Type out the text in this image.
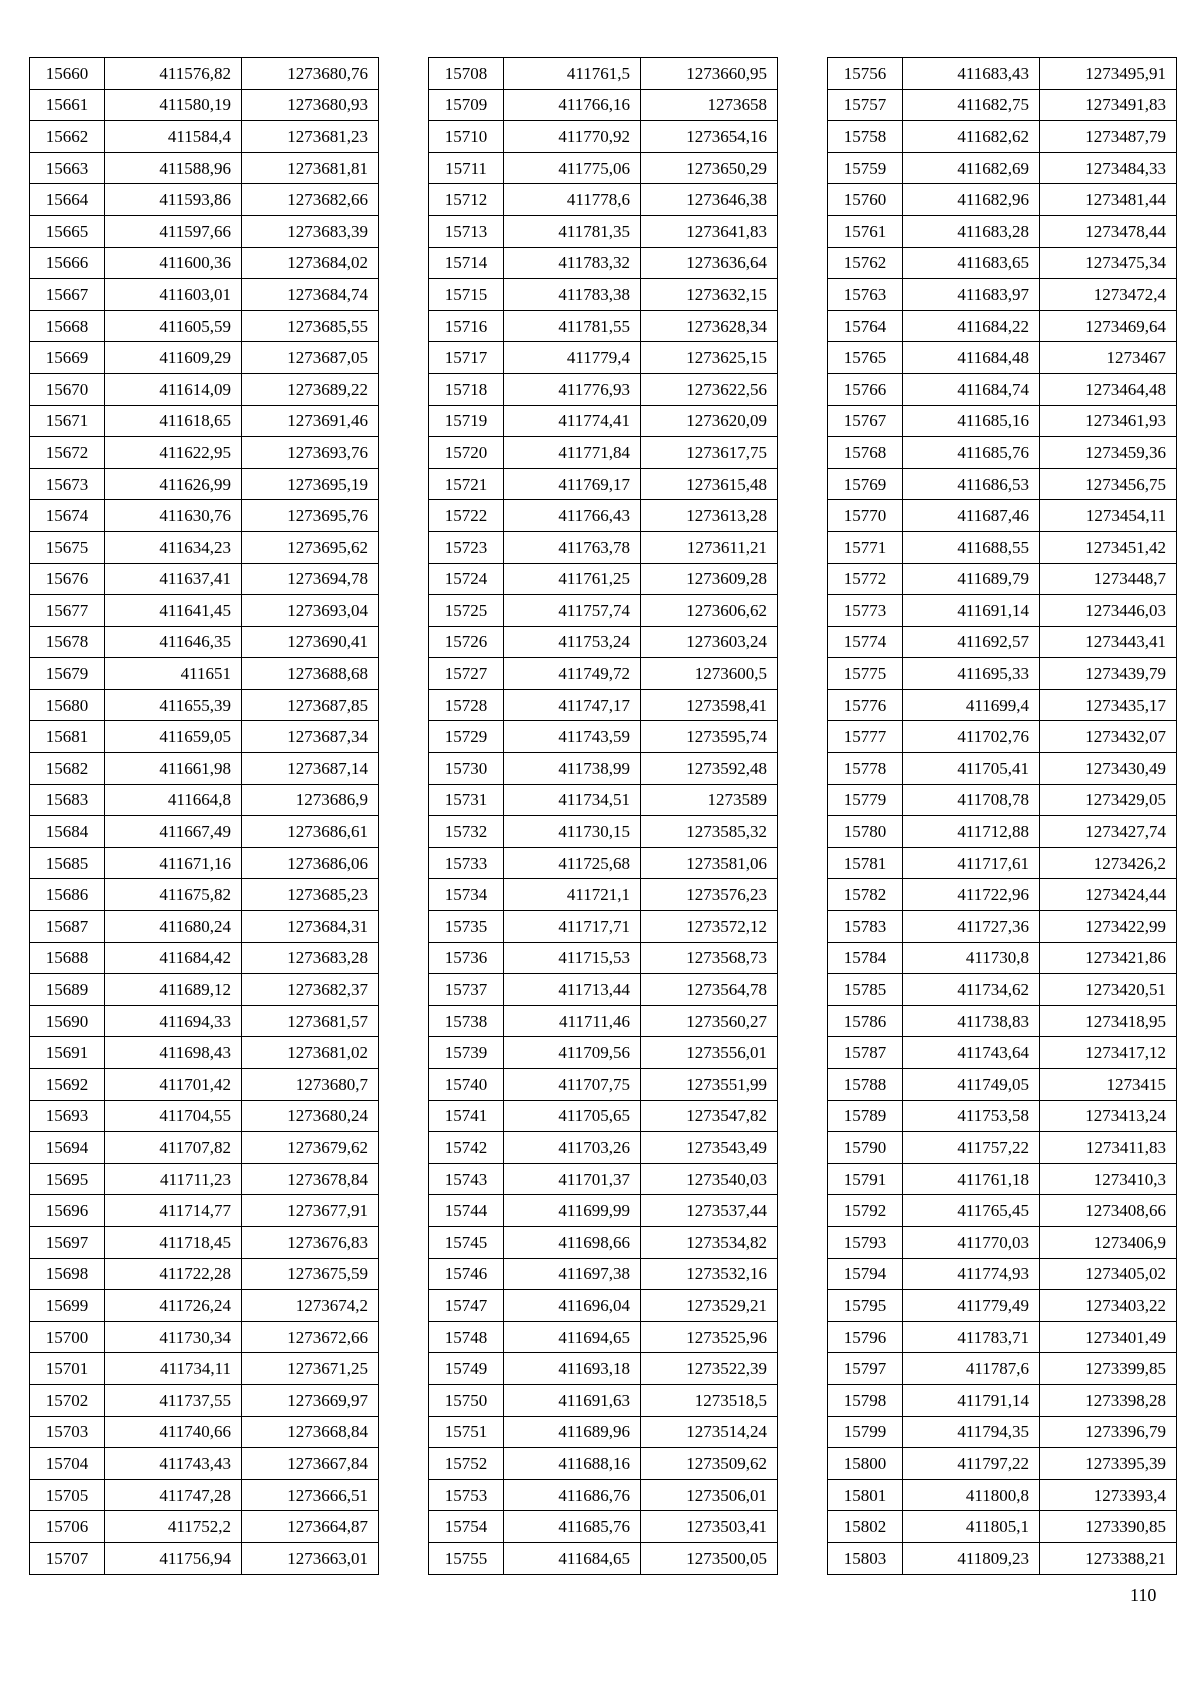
15660	411576,82	1273680,76
15661	411580,19	1273680,93
15662	411584,4	1273681,23
15663	411588,96	1273681,81
15664	411593,86	1273682,66
15665	411597,66	1273683,39
15666	411600,36	1273684,02
15667	411603,01	1273684,74
15668	411605,59	1273685,55
15669	411609,29	1273687,05
15670	411614,09	1273689,22
15671	411618,65	1273691,46
15672	411622,95	1273693,76
15673	411626,99	1273695,19
15674	411630,76	1273695,76
15675	411634,23	1273695,62
15676	411637,41	1273694,78
15677	411641,45	1273693,04
15678	411646,35	1273690,41
15679	411651	1273688,68
15680	411655,39	1273687,85
15681	411659,05	1273687,34
15682	411661,98	1273687,14
15683	411664,8	1273686,9
15684	411667,49	1273686,61
15685	411671,16	1273686,06
15686	411675,82	1273685,23
15687	411680,24	1273684,31
15688	411684,42	1273683,28
15689	411689,12	1273682,37
15690	411694,33	1273681,57
15691	411698,43	1273681,02
15692	411701,42	1273680,7
15693	411704,55	1273680,24
15694	411707,82	1273679,62
15695	411711,23	1273678,84
15696	411714,77	1273677,91
15697	411718,45	1273676,83
15698	411722,28	1273675,59
15699	411726,24	1273674,2
15700	411730,34	1273672,66
15701	411734,11	1273671,25
15702	411737,55	1273669,97
15703	411740,66	1273668,84
15704	411743,43	1273667,84
15705	411747,28	1273666,51
15706	411752,2	1273664,87
15707	411756,94	1273663,01
15708	411761,5	1273660,95
15709	411766,16	1273658
15710	411770,92	1273654,16
15711	411775,06	1273650,29
15712	411778,6	1273646,38
15713	411781,35	1273641,83
15714	411783,32	1273636,64
15715	411783,38	1273632,15
15716	411781,55	1273628,34
15717	411779,4	1273625,15
15718	411776,93	1273622,56
15719	411774,41	1273620,09
15720	411771,84	1273617,75
15721	411769,17	1273615,48
15722	411766,43	1273613,28
15723	411763,78	1273611,21
15724	411761,25	1273609,28
15725	411757,74	1273606,62
15726	411753,24	1273603,24
15727	411749,72	1273600,5
15728	411747,17	1273598,41
15729	411743,59	1273595,74
15730	411738,99	1273592,48
15731	411734,51	1273589
15732	411730,15	1273585,32
15733	411725,68	1273581,06
15734	411721,1	1273576,23
15735	411717,71	1273572,12
15736	411715,53	1273568,73
15737	411713,44	1273564,78
15738	411711,46	1273560,27
15739	411709,56	1273556,01
15740	411707,75	1273551,99
15741	411705,65	1273547,82
15742	411703,26	1273543,49
15743	411701,37	1273540,03
15744	411699,99	1273537,44
15745	411698,66	1273534,82
15746	411697,38	1273532,16
15747	411696,04	1273529,21
15748	411694,65	1273525,96
15749	411693,18	1273522,39
15750	411691,63	1273518,5
15751	411689,96	1273514,24
15752	411688,16	1273509,62
15753	411686,76	1273506,01
15754	411685,76	1273503,41
15755	411684,65	1273500,05
15756	411683,43	1273495,91
15757	411682,75	1273491,83
15758	411682,62	1273487,79
15759	411682,69	1273484,33
15760	411682,96	1273481,44
15761	411683,28	1273478,44
15762	411683,65	1273475,34
15763	411683,97	1273472,4
15764	411684,22	1273469,64
15765	411684,48	1273467
15766	411684,74	1273464,48
15767	411685,16	1273461,93
15768	411685,76	1273459,36
15769	411686,53	1273456,75
15770	411687,46	1273454,11
15771	411688,55	1273451,42
15772	411689,79	1273448,7
15773	411691,14	1273446,03
15774	411692,57	1273443,41
15775	411695,33	1273439,79
15776	411699,4	1273435,17
15777	411702,76	1273432,07
15778	411705,41	1273430,49
15779	411708,78	1273429,05
15780	411712,88	1273427,74
15781	411717,61	1273426,2
15782	411722,96	1273424,44
15783	411727,36	1273422,99
15784	411730,8	1273421,86
15785	411734,62	1273420,51
15786	411738,83	1273418,95
15787	411743,64	1273417,12
15788	411749,05	1273415
15789	411753,58	1273413,24
15790	411757,22	1273411,83
15791	411761,18	1273410,3
15792	411765,45	1273408,66
15793	411770,03	1273406,9
15794	411774,93	1273405,02
15795	411779,49	1273403,22
15796	411783,71	1273401,49
15797	411787,6	1273399,85
15798	411791,14	1273398,28
15799	411794,35	1273396,79
15800	411797,22	1273395,39
15801	411800,8	1273393,4
15802	411805,1	1273390,85
15803	411809,23	1273388,21
110
